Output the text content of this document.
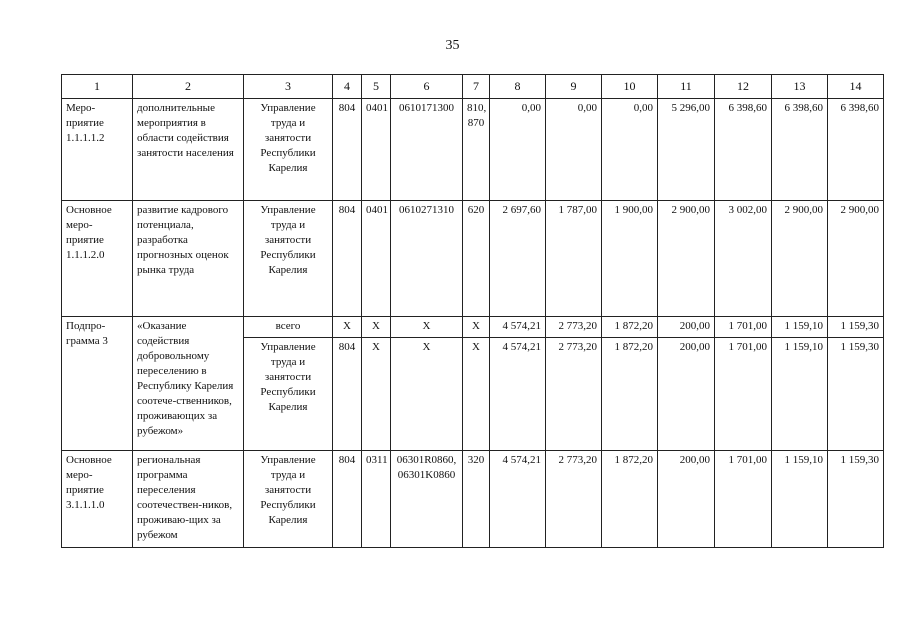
35
1	2	3	4	5	6	7	8	9	10	11	12	13	14
Меро-приятие 1.1.1.1.2	дополнительные мероприятия в области содействия занятости населения	Управление труда и занятости Республики Карелия	804	0401	0610171300	810, 870	0,00	0,00	0,00	5 296,00	6 398,60	6 398,60	6 398,60
Основное меро-приятие 1.1.1.2.0	развитие кадрового потенциала, разработка прогнозных оценок рынка труда	Управление труда и занятости Республики Карелия	804	0401	0610271310	620	2 697,60	1 787,00	1 900,00	2 900,00	3 002,00	2 900,00	2 900,00
Подпро-грамма 3	«Оказание содействия добровольному переселению в Республику Карелия соотече-ственников, проживающих за рубежом»	всего	X	X	X	X	4 574,21	2 773,20	1 872,20	200,00	1 701,00	1 159,10	1 159,30
		Управление труда и занятости Республики Карелия	804	X	X	X	4 574,21	2 773,20	1 872,20	200,00	1 701,00	1 159,10	1 159,30
Основное меро-приятие 3.1.1.1.0	региональная программа переселения соотечествен-ников, проживаю-щих за рубежом	Управление труда и занятости Республики Карелия	804	0311	06301R0860, 06301K0860	320	4 574,21	2 773,20	1 872,20	200,00	1 701,00	1 159,10	1 159,30
